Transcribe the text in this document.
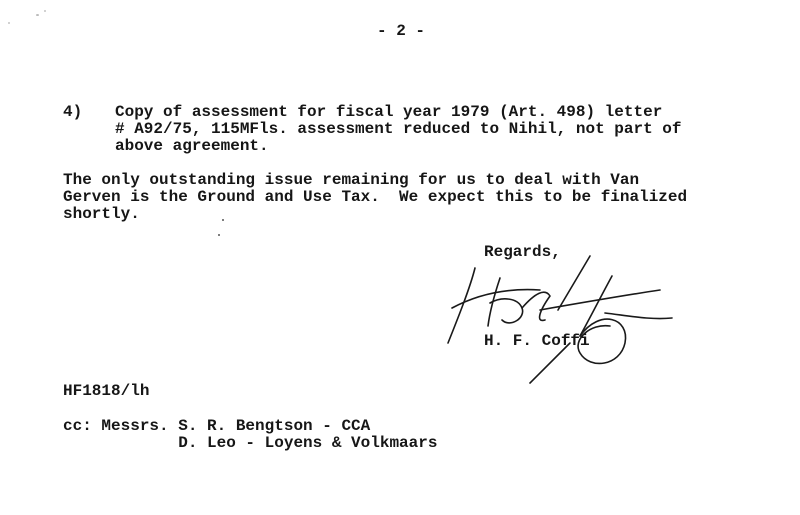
- 2 -
4) Copy of assessment for fiscal year 1979 (Art. 498) letter
# A92/75, 115MFls. assessment reduced to Nihil, not part of
above agreement.
The only outstanding issue remaining for us to deal with Van
Gerven is the Ground and Use Tax.  We expect this to be finalized
shortly.
Regards,
H. F. Coffi
HF1818/lh
cc: Messrs. S. R. Bengtson - CCA
D. Leo - Loyens & Volkmaars
